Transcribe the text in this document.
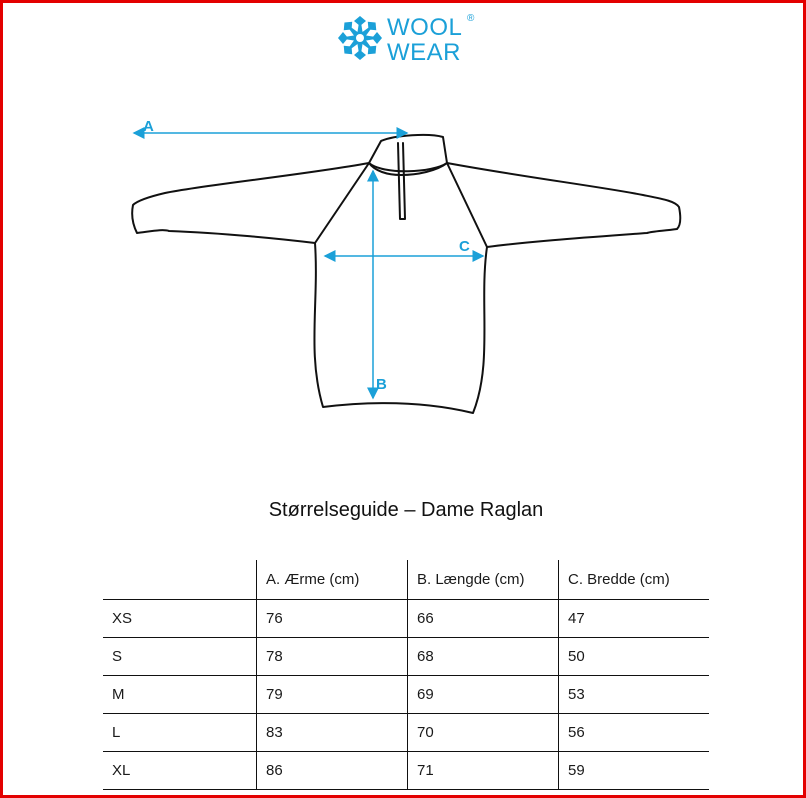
WOOL
WEAR
®
A
B
C
Størrelseguide – Dame Raglan
	A. Ærme (cm)	B. Længde (cm)	C. Bredde (cm)
XS	76	66	47
S	78	68	50
M	79	69	53
L	83	70	56
XL	86	71	59
